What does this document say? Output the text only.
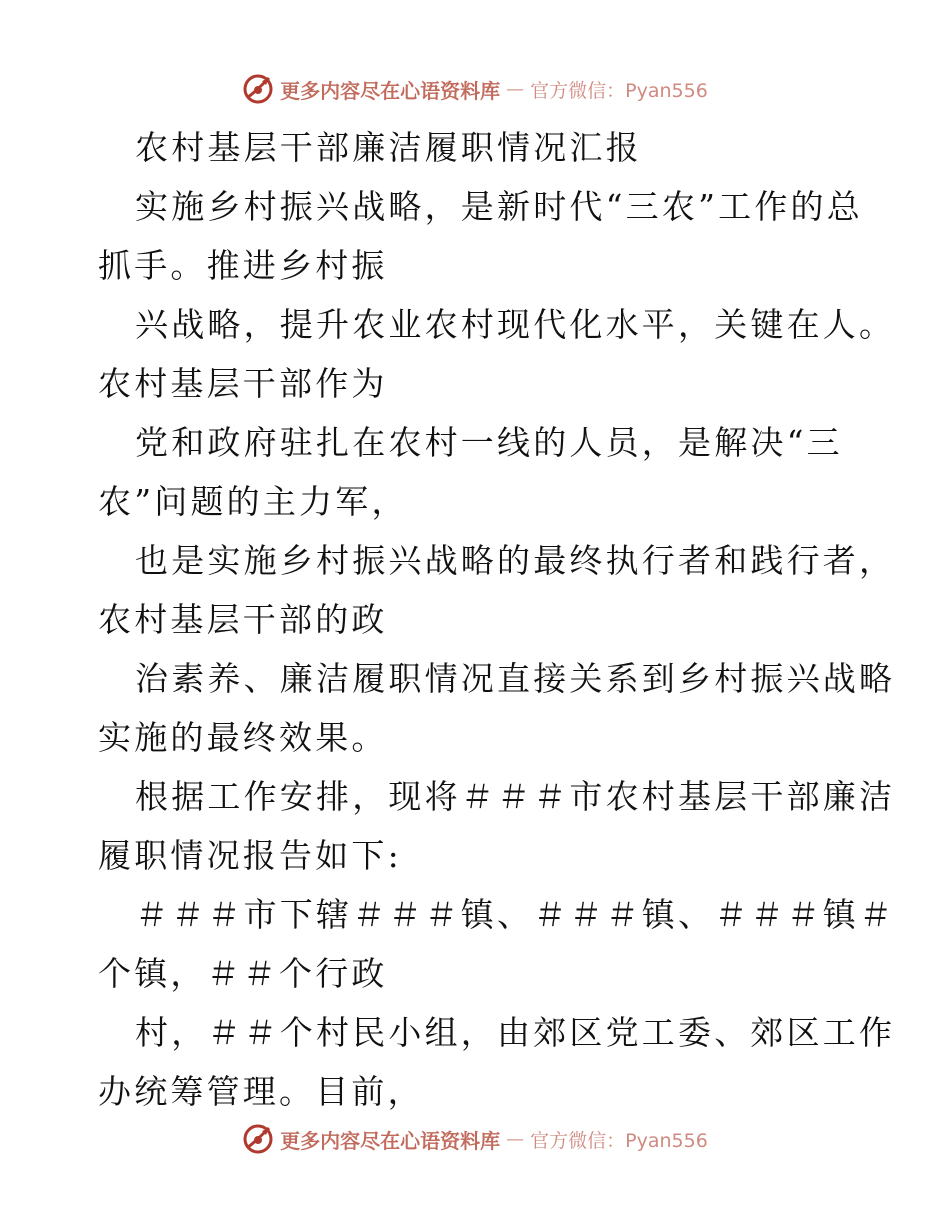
更多内容尽在心语资料库 — 官方微信：Pyan556
农村基层干部廉洁履职情况汇报
实施乡村振兴战略，是新时代“三农”工作的总
抓手。推进乡村振
兴战略，提升农业农村现代化水平，关键在人。
农村基层干部作为
党和政府驻扎在农村一线的人员，是解决“三
农”问题的主力军，
也是实施乡村振兴战略的最终执行者和践行者，
农村基层干部的政
治素养、廉洁履职情况直接关系到乡村振兴战略
实施的最终效果。
根据工作安排，现将＃＃＃市农村基层干部廉洁
履职情况报告如下:
＃＃＃市下辖＃＃＃镇、＃＃＃镇、＃＃＃镇＃
个镇，＃＃个行政
村，＃＃个村民小组，由郊区党工委、郊区工作
办统筹管理。目前，
更多内容尽在心语资料库 — 官方微信：Pyan556
